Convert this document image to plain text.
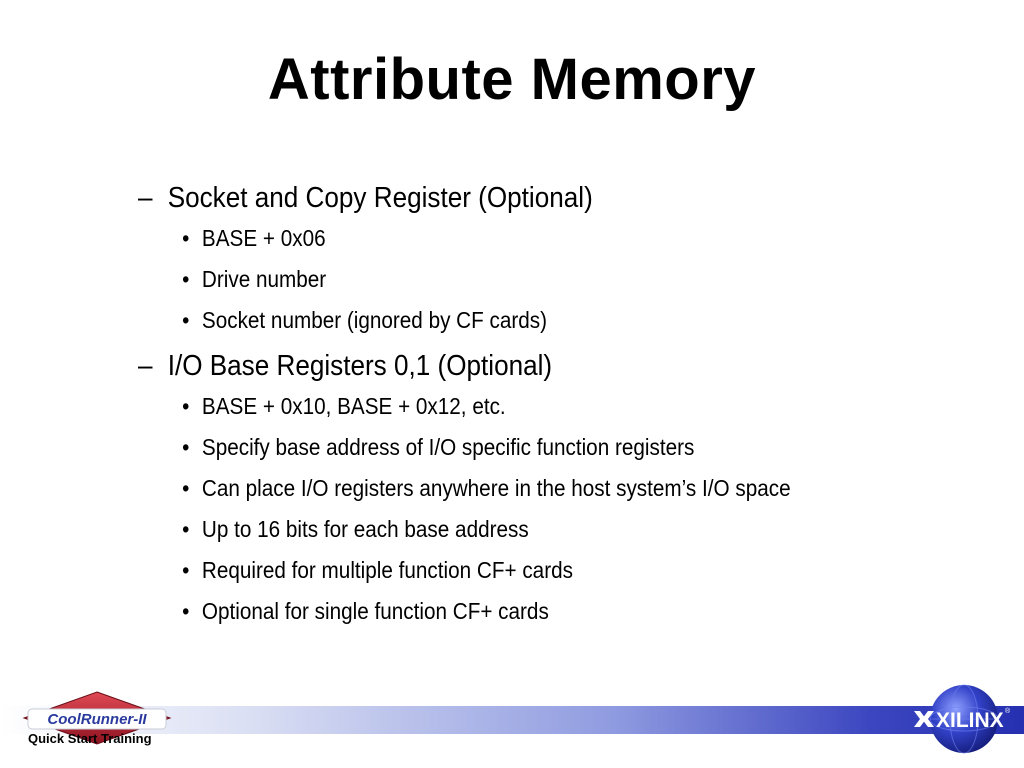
Attribute Memory
– Socket and Copy Register (Optional)
• BASE + 0x06
• Drive number
• Socket number (ignored by CF cards)
– I/O Base Registers 0,1 (Optional)
• BASE + 0x10, BASE + 0x12, etc.
• Specify base address of I/O specific function registers
• Can place I/O registers anywhere in the host system’s I/O space
• Up to 16 bits for each base address
• Required for multiple function CF+ cards
• Optional for single function CF+ cards
CoolRunner-II
Quick Start Training
XILINX ®
